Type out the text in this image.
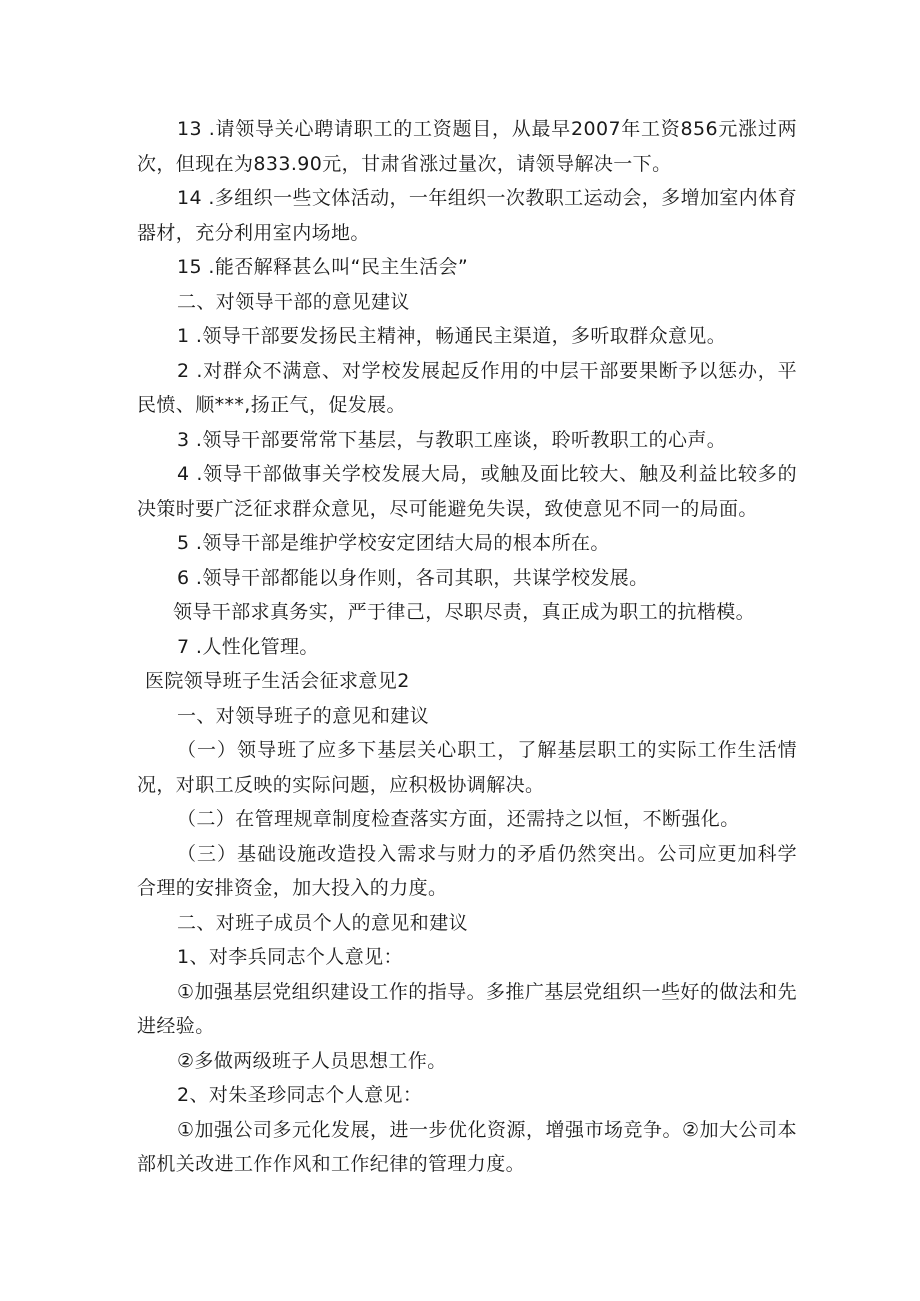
13 .请领导关心聘请职工的工资题目，从最早2007年工资856元涨过两次，但现在为833.90元，甘肃省涨过量次，请领导解决一下。

14 .多组织一些文体活动，一年组织一次教职工运动会，多增加室内体育器材，充分利用室内场地。

15 .能否解释甚么叫“民主生活会”

二、对领导干部的意见建议

1 .领导干部要发扬民主精神，畅通民主渠道，多听取群众意见。

2 .对群众不满意、对学校发展起反作用的中层干部要果断予以惩办，平民愤、顺***,扬正气，促发展。

3 .领导干部要常常下基层，与教职工座谈，聆听教职工的心声。

4 .领导干部做事关学校发展大局，或触及面比较大、触及利益比较多的决策时要广泛征求群众意见，尽可能避免失误，致使意见不同一的局面。

5 .领导干部是维护学校安定团结大局的根本所在。

6 .领导干部都能以身作则，各司其职，共谋学校发展。

领导干部求真务实，严于律己，尽职尽责，真正成为职工的抗楷模。

7 .人性化管理。

医院领导班子生活会征求意见2

一、对领导班子的意见和建议

（一）领导班了应多下基层关心职工，了解基层职工的实际工作生活情况，对职工反映的实际问题，应积极协调解决。

（二）在管理规章制度检查落实方面，还需持之以恒，不断强化。

（三）基础设施改造投入需求与财力的矛盾仍然突出。公司应更加科学合理的安排资金，加大投入的力度。

二、对班子成员个人的意见和建议

1、对李兵同志个人意见：

①加强基层党组织建设工作的指导。多推广基层党组织一些好的做法和先进经验。

②多做两级班子人员思想工作。

2、对朱圣珍同志个人意见：

①加强公司多元化发展，进一步优化资源，增强市场竞争。②加大公司本部机关改进工作作风和工作纪律的管理力度。
